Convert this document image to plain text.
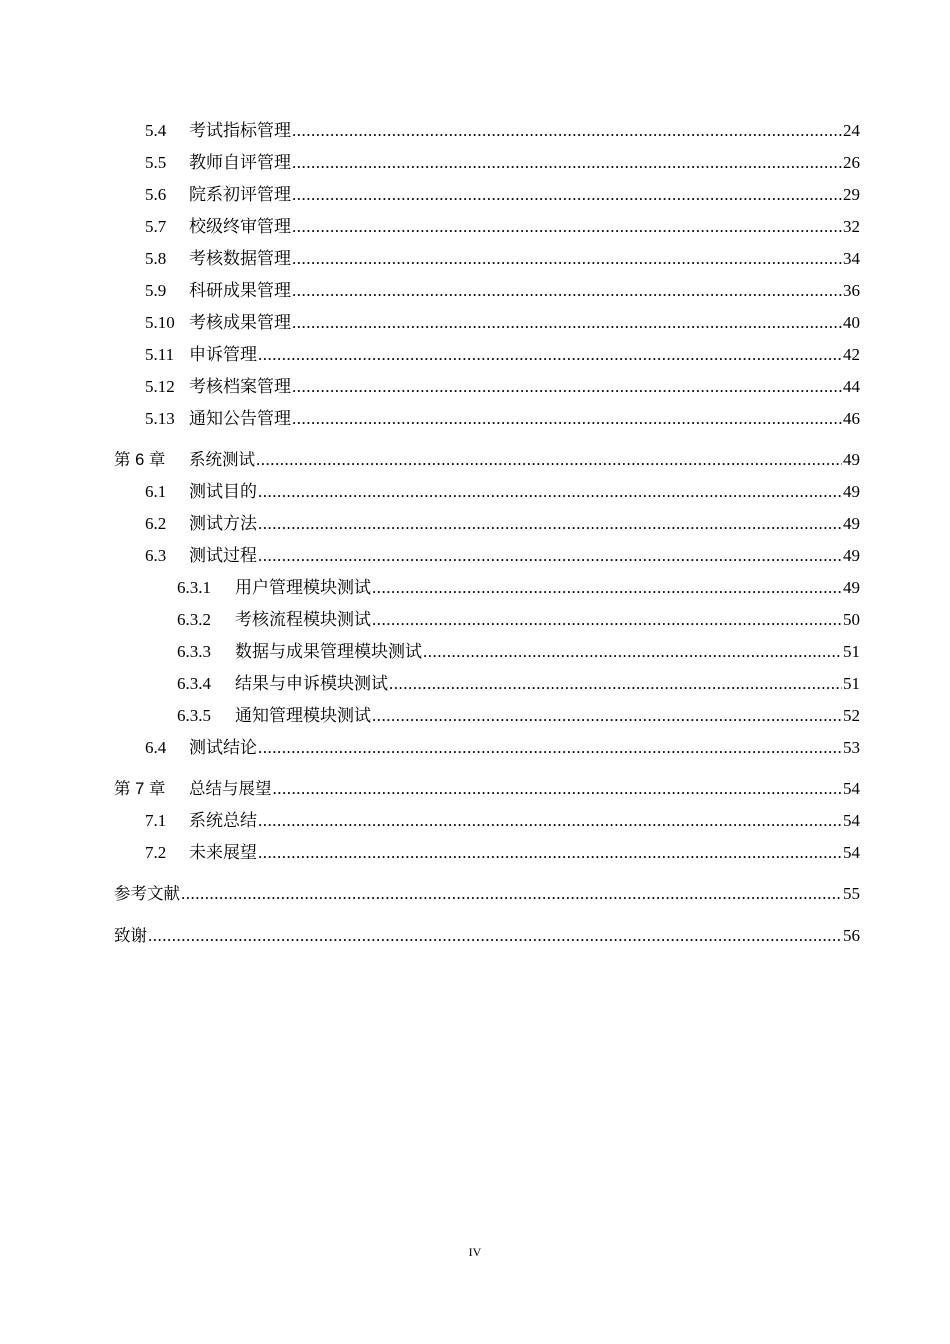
5.4	考试指标管理 .....	24
5.5	教师自评管理 .....	26
5.6	院系初评管理 .....	29
5.7	校级终审管理 .....	32
5.8	考核数据管理 .....	34
5.9	科研成果管理 .....	36
5.10 考核成果管理 .....	40
5.11 申诉管理 .....	42
5.12 考核档案管理 .....	44
5.13 通知公告管理 .....	46
第 6 章	系统测试 .....	49
6.1	测试目的 .....	49
6.2	测试方法 .....	49
6.3	测试过程 .....	49
6.3.1	用户管理模块测试 .....	49
6.3.2	考核流程模块测试 .....	50
6.3.3	数据与成果管理模块测试 .....	51
6.3.4	结果与申诉模块测试 .....	51
6.3.5	通知管理模块测试 .....	52
6.4	测试结论 .....	53
第 7 章	总结与展望 .....	54
7.1	系统总结 .....	54
7.2	未来展望 .....	54
参考文献 .....	55
致谢 .....	56
IV
